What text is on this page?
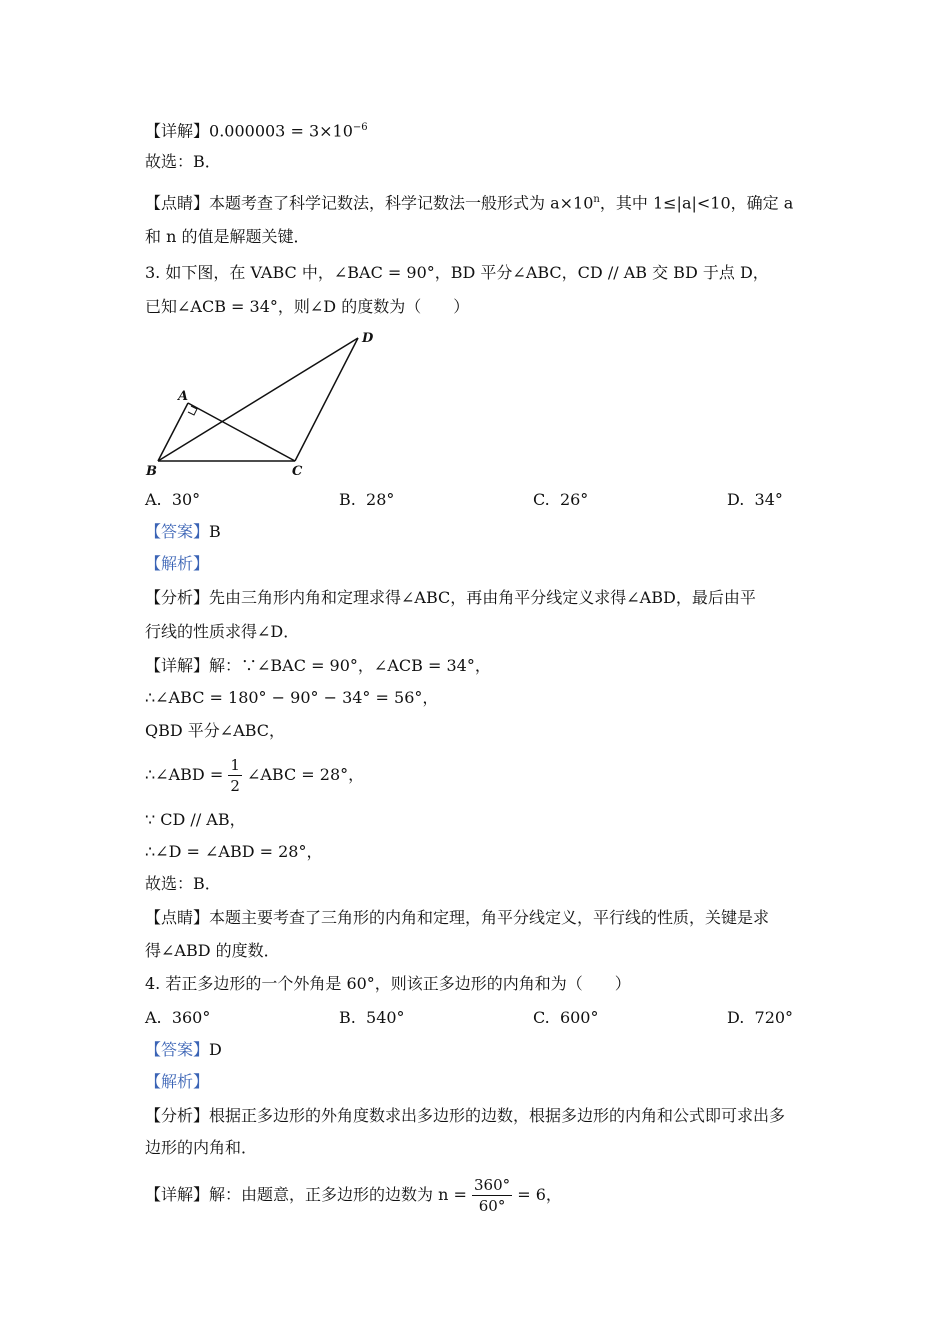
【详解】$0.000003 = 3\times 10^{-6}$
故选：B．
【点睛】本题考查了科学记数法，科学记数法一般形式为 $a\times 10^n$，其中 1≤|a|<10，确定 a
和 n 的值是解题关键．
3. 如下图，在 VABC 中，∠BAC = 90°，BD 平分∠ABC，CD // AB 交 BD 于点 D，
已知∠ACB = 34°，则∠D 的度数为（　　）
A
B	C
D
A. 30°	B. 28°	C. 26°	D. 34°
【答案】B
【解析】
【分析】先由三角形内角和定理求得∠ABC，再由角平分线定义求得∠ABD，最后由平
行线的性质求得∠D．
【详解】解：∵∠BAC = 90°，∠ACB = 34°，
∴∠ABC = 180° − 90° − 34° = 56°，
QBD 平分∠ABC，
∴∠ABD = $\frac{1}{2}$ ∠ABC = 28°，
∵ CD // AB，
∴∠D = ∠ABD = 28°，
故选：B．
【点睛】本题主要考查了三角形的内角和定理，角平分线定义，平行线的性质，关键是求
得∠ABD 的度数．
4. 若正多边形的一个外角是 60°，则该正多边形的内角和为（　　）
A. 360°	B. 540°	C. 600°	D. 720°
【答案】D
【解析】
【分析】根据正多边形的外角度数求出多边形的边数，根据多边形的内角和公式即可求出多
边形的内角和．
【详解】解：由题意，正多边形的边数为 $n = \frac{360^\circ}{60^\circ} = 6$，
